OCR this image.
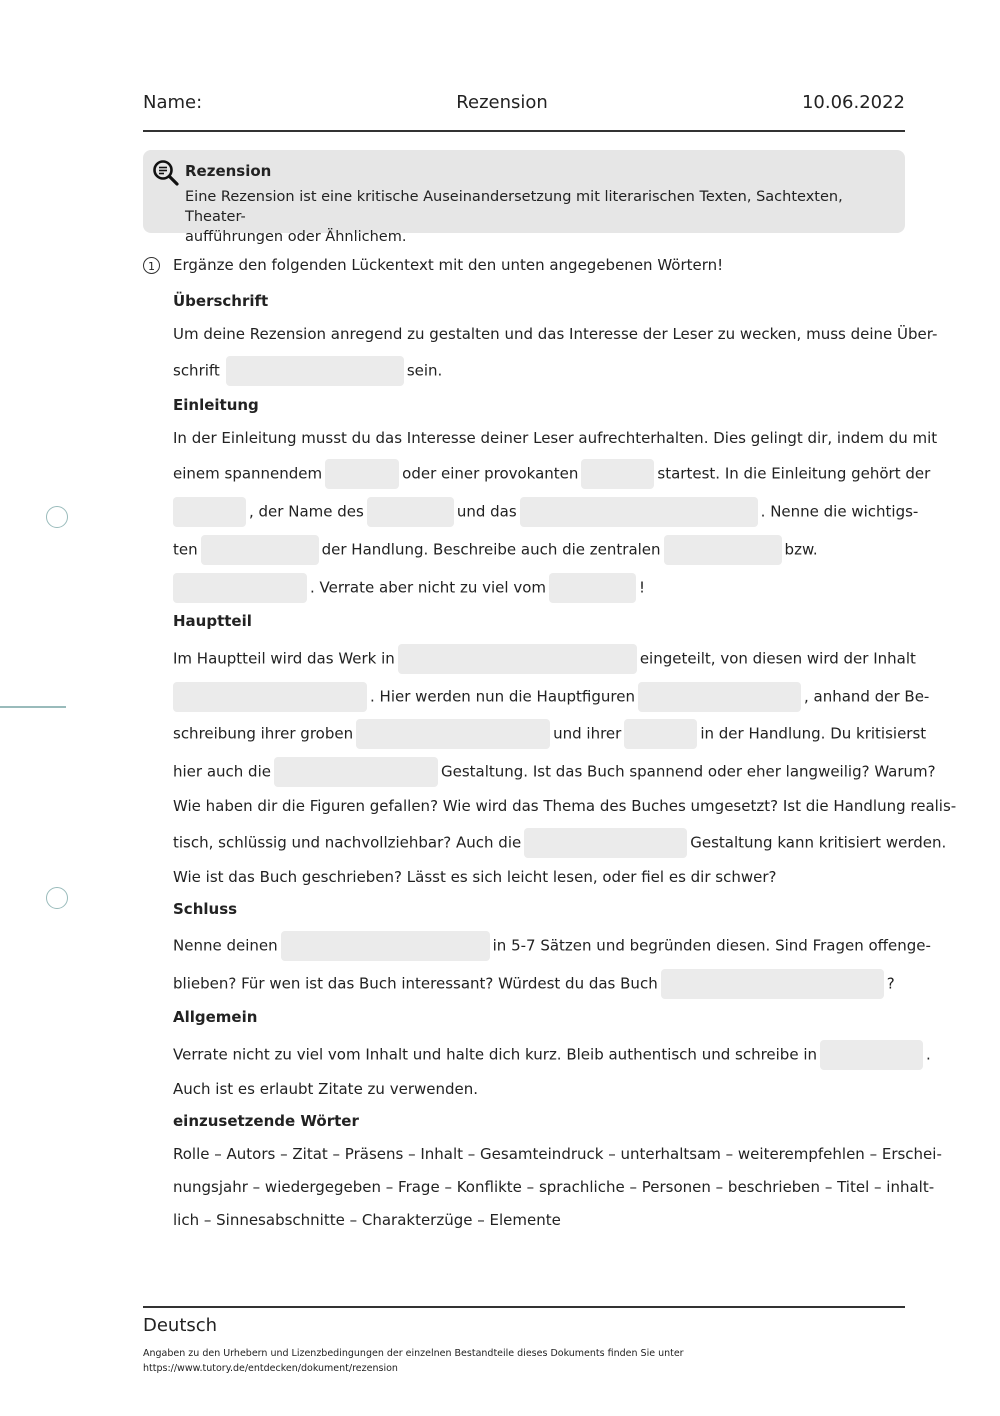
Name:	Rezension	10.06.2022
Rezension
Eine Rezension ist eine kritische Auseinandersetzung mit literarischen Texten, Sachtexten, Theater-
aufführungen oder Ähnlichem.
1	Ergänze den folgenden Lückentext mit den unten angegebenen Wörtern!
Überschrift
Um deine Rezension anregend zu gestalten und das Interesse der Leser zu wecken, muss deine Über-
schrift	sein.
Einleitung
In der Einleitung musst du das Interesse deiner Leser aufrechterhalten. Dies gelingt dir, indem du mit
einem spannendem	oder einer provokanten	startest. In die Einleitung gehört der
, der Name des	und das	. Nenne die wichtigs-
ten	der Handlung. Beschreibe auch die zentralen	bzw.
. Verrate aber nicht zu viel vom	!
Hauptteil
Im Hauptteil wird das Werk in	eingeteilt, von diesen wird der Inhalt
. Hier werden nun die Hauptfiguren	, anhand der Be-
schreibung ihrer groben	und ihrer	in der Handlung. Du kritisierst
hier auch die	Gestaltung. Ist das Buch spannend oder eher langweilig? Warum?
Wie haben dir die Figuren gefallen? Wie wird das Thema des Buches umgesetzt? Ist die Handlung realis-
tisch, schlüssig und nachvollziehbar? Auch die	Gestaltung kann kritisiert werden.
Wie ist das Buch geschrieben? Lässt es sich leicht lesen, oder fiel es dir schwer?
Schluss
Nenne deinen	in 5-7 Sätzen und begründen diesen. Sind Fragen offenge-
blieben? Für wen ist das Buch interessant? Würdest du das Buch	?
Allgemein
Verrate nicht zu viel vom Inhalt und halte dich kurz. Bleib authentisch und schreibe in	.
Auch ist es erlaubt Zitate zu verwenden.
einzusetzende Wörter
Rolle – Autors – Zitat – Präsens – Inhalt – Gesamteindruck – unterhaltsam – weiterempfehlen – Erschei-
nungsjahr – wiedergegeben – Frage – Konflikte – sprachliche – Personen – beschrieben – Titel – inhalt-
lich – Sinnesabschnitte – Charakterzüge – Elemente
Deutsch
Angaben zu den Urhebern und Lizenzbedingungen der einzelnen Bestandteile dieses Dokuments finden Sie unter
https://www.tutory.de/entdecken/dokument/rezension
